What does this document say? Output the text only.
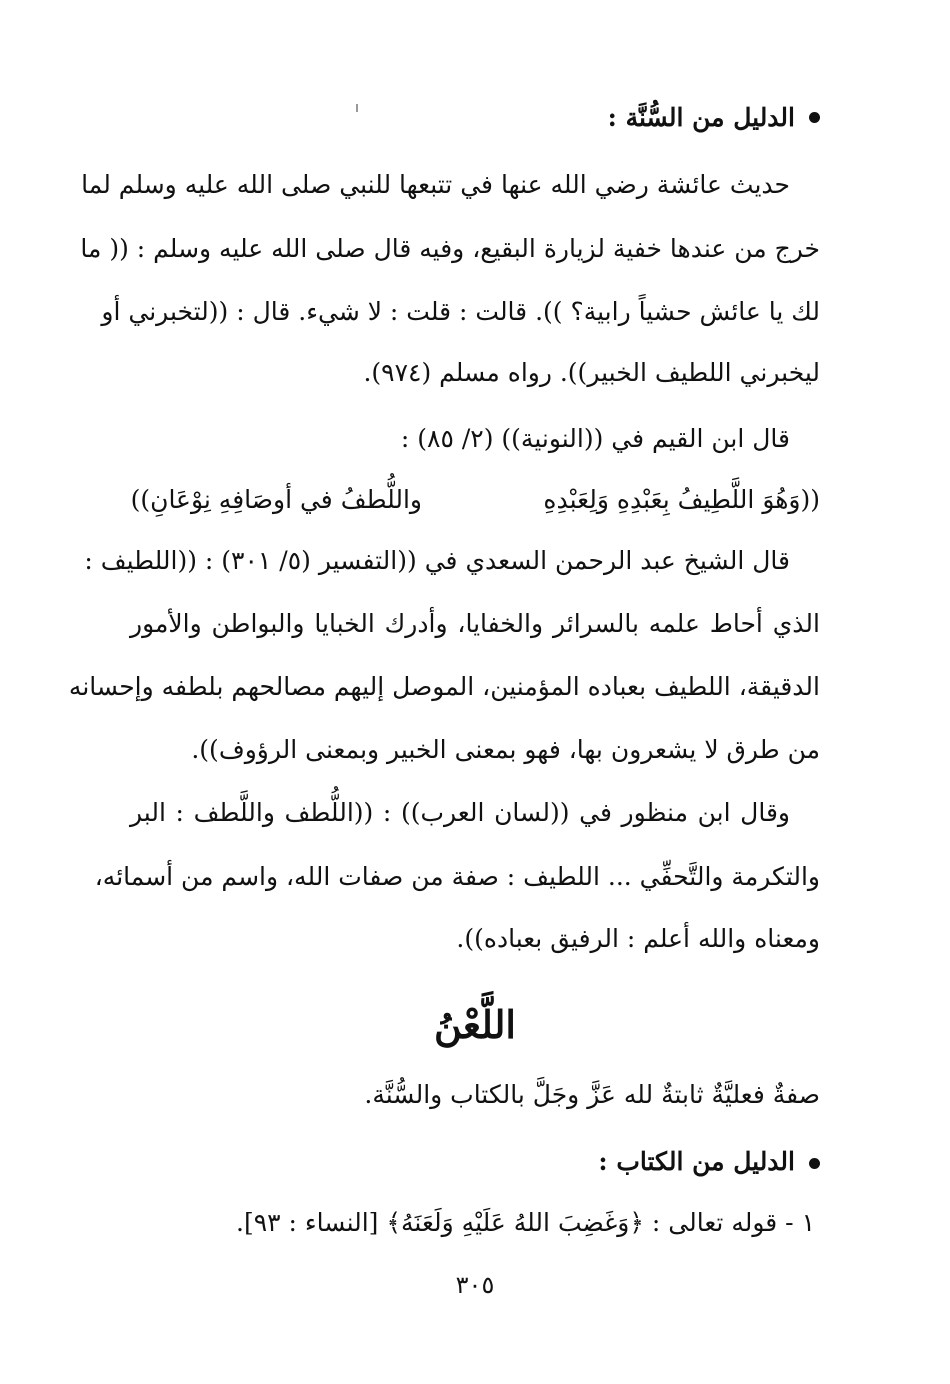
الدليل من السُّنَّة :
حديث عائشة رضي الله عنها في تتبعها للنبي صلى الله عليه وسلم لما
خرج من عندها خفية لزيارة البقيع، وفيه قال صلى الله عليه وسلم : (( ما
لك يا عائش حشياً رابية؟ )). قالت : قلت : لا شيء. قال : ((لتخبرني أو
ليخبرني اللطيف الخبير)). رواه مسلم (٩٧٤).
قال ابن القيم في ((النونية)) (٢/ ٨٥) :
((وَهُوَ اللَّطِيفُ بِعَبْدِهِ وَلِعَبْدِهِ
واللُّطفُ في أوصَافِهِ نِوْعَانِ))
قال الشيخ عبد الرحمن السعدي في ((التفسير (٥/ ٣٠١) : ((اللطيف :
الذي أحاط علمه بالسرائر والخفايا، وأدرك الخبايا والبواطن والأمور
الدقيقة، اللطيف بعباده المؤمنين، الموصل إليهم مصالحهم بلطفه وإحسانه
من طرق لا يشعرون بها، فهو بمعنى الخبير وبمعنى الرؤوف)).
وقال ابن منظور في ((لسان العرب)) : ((اللُّطف واللَّطف : البر
والتكرمة والتَّحفِّي ... اللطيف : صفة من صفات الله، واسم من أسمائه،
ومعناه والله أعلم : الرفيق بعباده)).
اللَّعْنُ
صفةٌ فعليَّةٌ ثابتةٌ لله عَزَّ وجَلَّ بالكتاب والسُّنَّة.
الدليل من الكتاب :
١ - قوله تعالى : ﴿وَغَضِبَ اللهُ عَلَيْهِ وَلَعَنَهُ﴾ [النساء : ٩٣].
٣٠٥
